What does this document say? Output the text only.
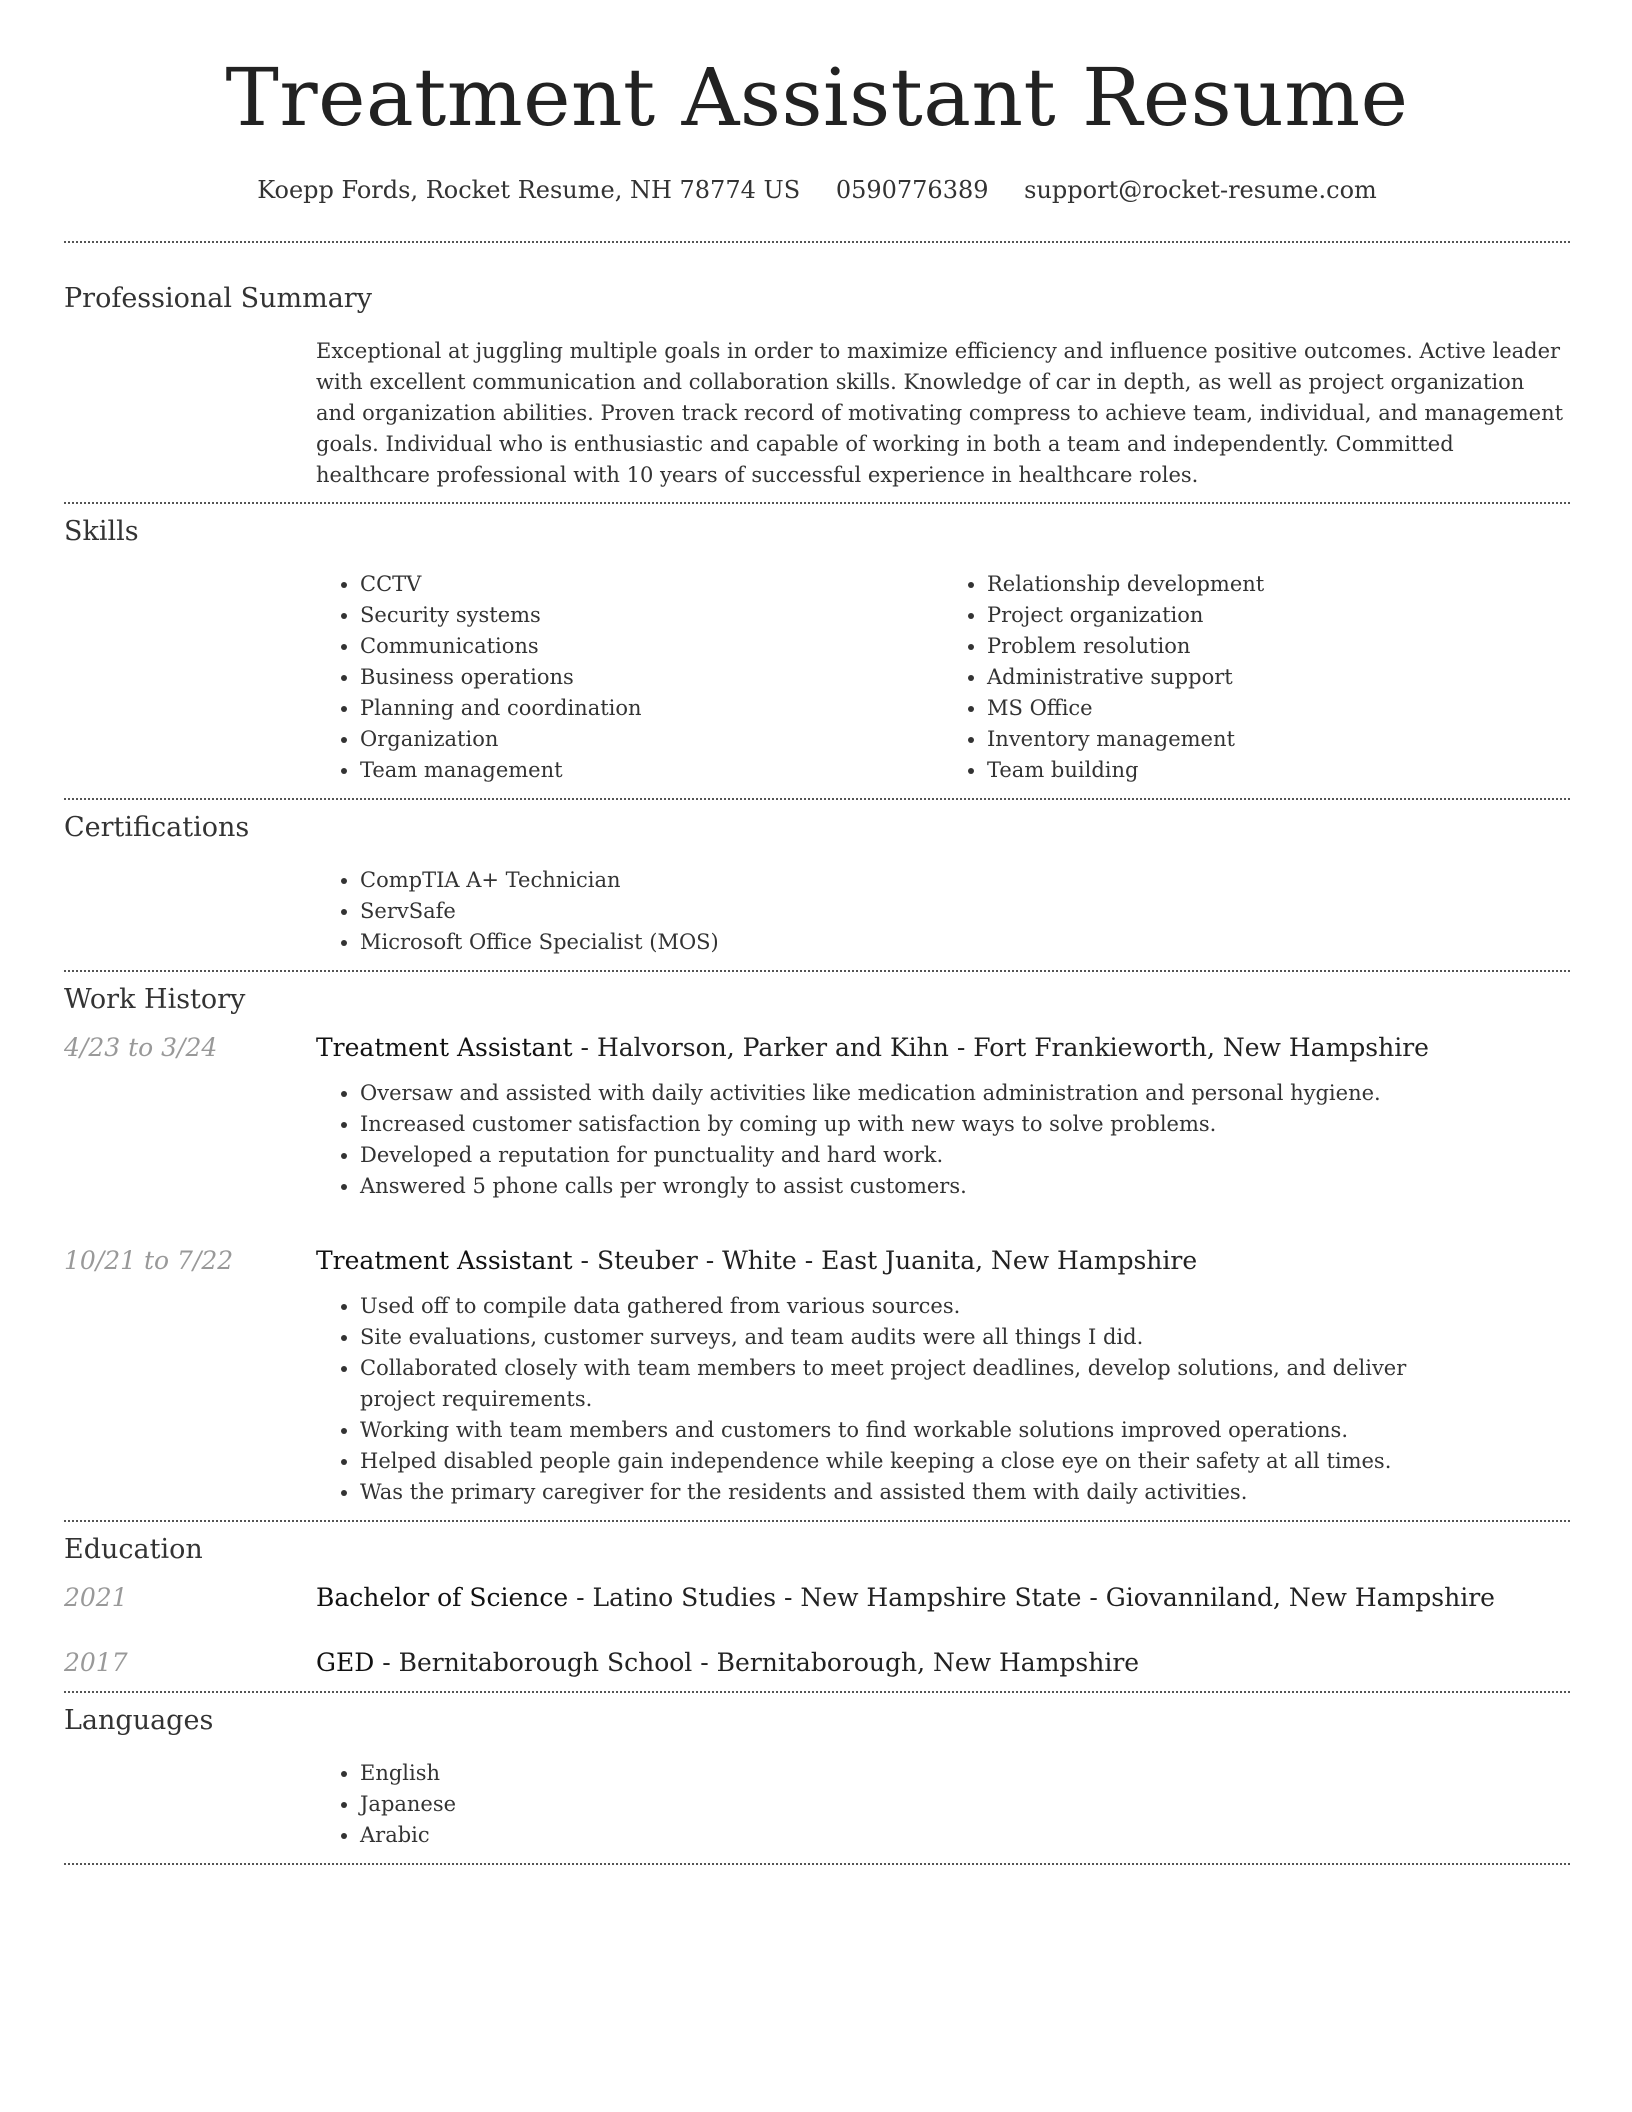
Treatment Assistant Resume
Koepp Fords, Rocket Resume, NH 78774 US 0590776389 support@rocket-resume.com
Professional Summary
Exceptional at juggling multiple goals in order to maximize efficiency and influence positive outcomes. Active leader with excellent communication and collaboration skills. Knowledge of car in depth, as well as project organization and organization abilities. Proven track record of motivating compress to achieve team, individual, and management goals. Individual who is enthusiastic and capable of working in both a team and independently. Committed healthcare professional with 10 years of successful experience in healthcare roles.
Skills
• CCTV
• Security systems
• Communications
• Business operations
• Planning and coordination
• Organization
• Team management
• Relationship development
• Project organization
• Problem resolution
• Administrative support
• MS Office
• Inventory management
• Team building
Certifications
• CompTIA A+ Technician
• ServSafe
• Microsoft Office Specialist (MOS)
Work History
4/23 to 3/24	Treatment Assistant - Halvorson, Parker and Kihn - Fort Frankieworth, New Hampshire
• Oversaw and assisted with daily activities like medication administration and personal hygiene.
• Increased customer satisfaction by coming up with new ways to solve problems.
• Developed a reputation for punctuality and hard work.
• Answered 5 phone calls per wrongly to assist customers.
10/21 to 7/22	Treatment Assistant - Steuber - White - East Juanita, New Hampshire
• Used off to compile data gathered from various sources.
• Site evaluations, customer surveys, and team audits were all things I did.
• Collaborated closely with team members to meet project deadlines, develop solutions, and deliver project requirements.
• Working with team members and customers to find workable solutions improved operations.
• Helped disabled people gain independence while keeping a close eye on their safety at all times.
• Was the primary caregiver for the residents and assisted them with daily activities.
Education
2021	Bachelor of Science - Latino Studies - New Hampshire State - Giovanniland, New Hampshire
2017	GED - Bernitaborough School - Bernitaborough, New Hampshire
Languages
• English
• Japanese
• Arabic
